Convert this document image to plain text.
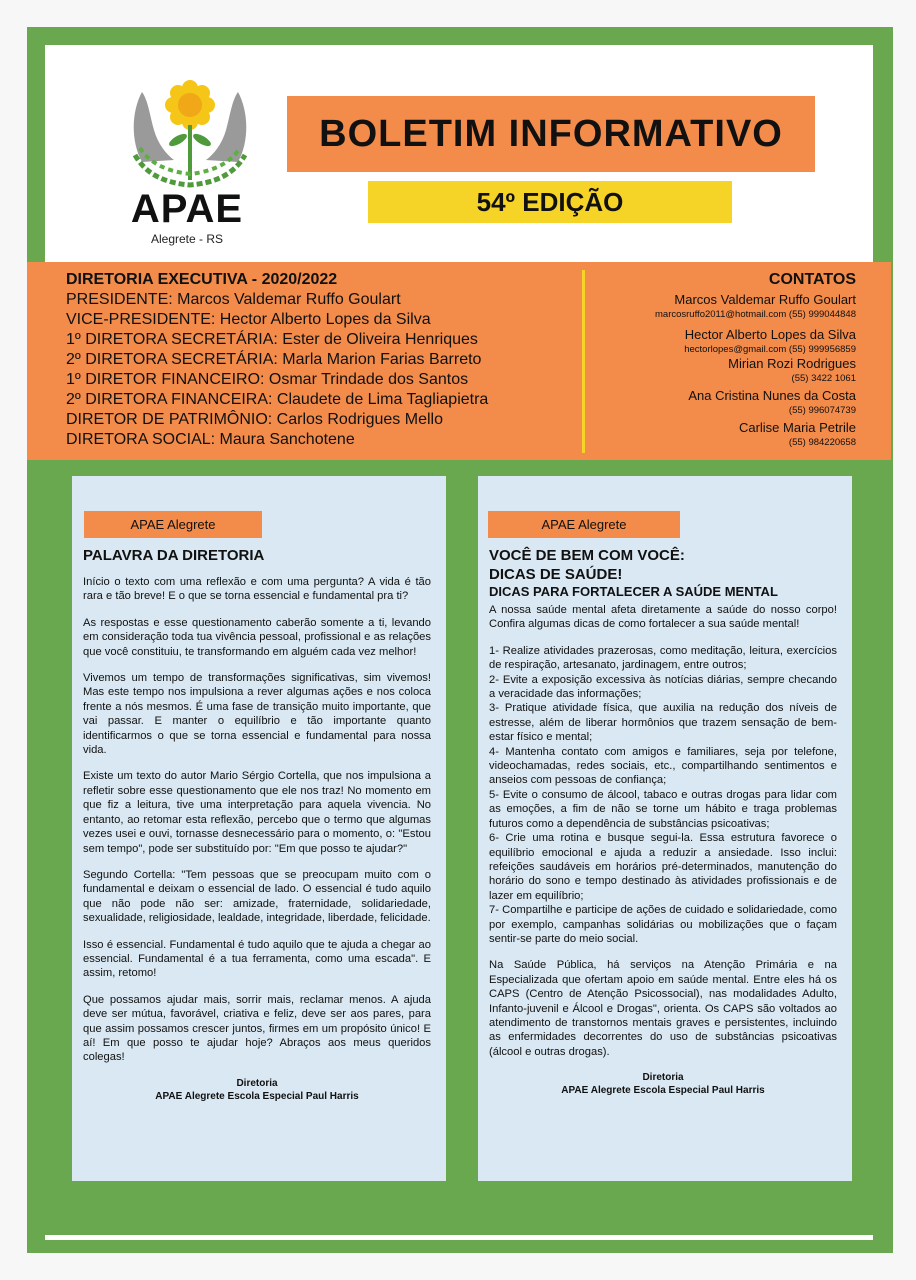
APAE
Alegrete - RS
BOLETIM INFORMATIVO
54º EDIÇÃO
DIRETORIA EXECUTIVA - 2020/2022
PRESIDENTE: Marcos Valdemar Ruffo Goulart
VICE-PRESIDENTE: Hector Alberto Lopes da Silva
1º DIRETORA SECRETÁRIA: Ester de Oliveira Henriques
2º DIRETORA SECRETÁRIA: Marla Marion Farias Barreto
1º DIRETOR FINANCEIRO: Osmar Trindade dos Santos
2º DIRETORA FINANCEIRA: Claudete de Lima Tagliapietra
DIRETOR DE PATRIMÔNIO: Carlos Rodrigues Mello
DIRETORA SOCIAL: Maura Sanchotene
CONTATOS
Marcos Valdemar Ruffo Goulart
marcosruffo2011@hotmail.com (55) 999044848
Hector Alberto Lopes da Silva
hectorlopes@gmail.com (55) 999956859
Mirian Rozi Rodrigues
(55) 3422 1061
Ana Cristina Nunes da Costa
(55) 996074739
Carlise Maria Petrile
(55) 984220658
APAE Alegrete
PALAVRA DA DIRETORIA

Início o texto com uma reflexão e com uma pergunta? A vida é tão rara e tão breve! E o que se torna essencial e fundamental pra ti?

As respostas e esse questionamento caberão somente a ti, levando em consideração toda tua vivência pessoal, profissional e as relações que você constituiu, te transformando em alguém cada vez melhor!

Vivemos um tempo de transformações significativas, sim vivemos! Mas este tempo nos impulsiona a rever algumas ações e nos coloca frente a nós mesmos. É uma fase de transição muito importante, que vai passar. E manter o equilíbrio e tão importante quanto identificarmos o que se torna essencial e fundamental para nossa vida.

Existe um texto do autor Mario Sérgio Cortella, que nos impulsiona a refletir sobre esse questionamento que ele nos traz! No momento em que fiz a leitura, tive uma interpretação para aquela vivencia. No entanto, ao retomar esta reflexão, percebo que o termo que algumas vezes usei e ouvi, tornasse desnecessário para o momento, o: "Estou sem tempo", pode ser substituído por: "Em que posso te ajudar?"

Segundo Cortella: "Tem pessoas que se preocupam muito com o fundamental e deixam o essencial de lado. O essencial é tudo aquilo que não pode não ser: amizade, fraternidade, solidariedade, sexualidade, religiosidade, lealdade, integridade, liberdade, felicidade.

Isso é essencial. Fundamental é tudo aquilo que te ajuda a chegar ao essencial. Fundamental é a tua ferramenta, como uma escada". E assim, retomo!

Que possamos ajudar mais, sorrir mais, reclamar menos. A ajuda deve ser mútua, favorável, criativa e feliz, deve ser aos pares, para que assim possamos crescer juntos, firmes em um propósito único! E aí! Em que posso te ajudar hoje? Abraços aos meus queridos colegas!

Diretoria
APAE Alegrete Escola Especial Paul Harris
APAE Alegrete
VOCÊ DE BEM COM VOCÊ:
DICAS DE SAÚDE!
DICAS PARA FORTALECER A SAÚDE MENTAL

A nossa saúde mental afeta diretamente a saúde do nosso corpo! Confira algumas dicas de como fortalecer a sua saúde mental!

1- Realize atividades prazerosas, como meditação, leitura, exercícios de respiração, artesanato, jardinagem, entre outros;

2- Evite a exposição excessiva às notícias diárias, sempre checando a veracidade das informações;

3- Pratique atividade física, que auxilia na redução dos níveis de estresse, além de liberar hormônios que trazem sensação de bem-estar físico e mental;

4- Mantenha contato com amigos e familiares, seja por telefone, videochamadas, redes sociais, etc., compartilhando sentimentos e anseios com pessoas de confiança;

5- Evite o consumo de álcool, tabaco e outras drogas para lidar com as emoções, a fim de não se torne um hábito e traga problemas futuros como a dependência de substâncias psicoativas;

6- Crie uma rotina e busque segui-la. Essa estrutura favorece o equilíbrio emocional e ajuda a reduzir a ansiedade. Isso inclui: refeições saudáveis em horários pré-determinados, manutenção do horário do sono e tempo destinado às atividades profissionais e de lazer em equilíbrio;

7- Compartilhe e participe de ações de cuidado e solidariedade, como por exemplo, campanhas solidárias ou mobilizações que o façam sentir-se parte do meio social.

Na Saúde Pública, há serviços na Atenção Primária e na Especializada que ofertam apoio em saúde mental. Entre eles há os CAPS (Centro de Atenção Psicossocial), nas modalidades Adulto, Infanto-juvenil e Álcool e Drogas", orienta. Os CAPS são voltados ao atendimento de transtornos mentais graves e persistentes, incluindo as enfermidades decorrentes do uso de substâncias psicoativas (álcool e outras drogas).

Diretoria
APAE Alegrete Escola Especial Paul Harris
